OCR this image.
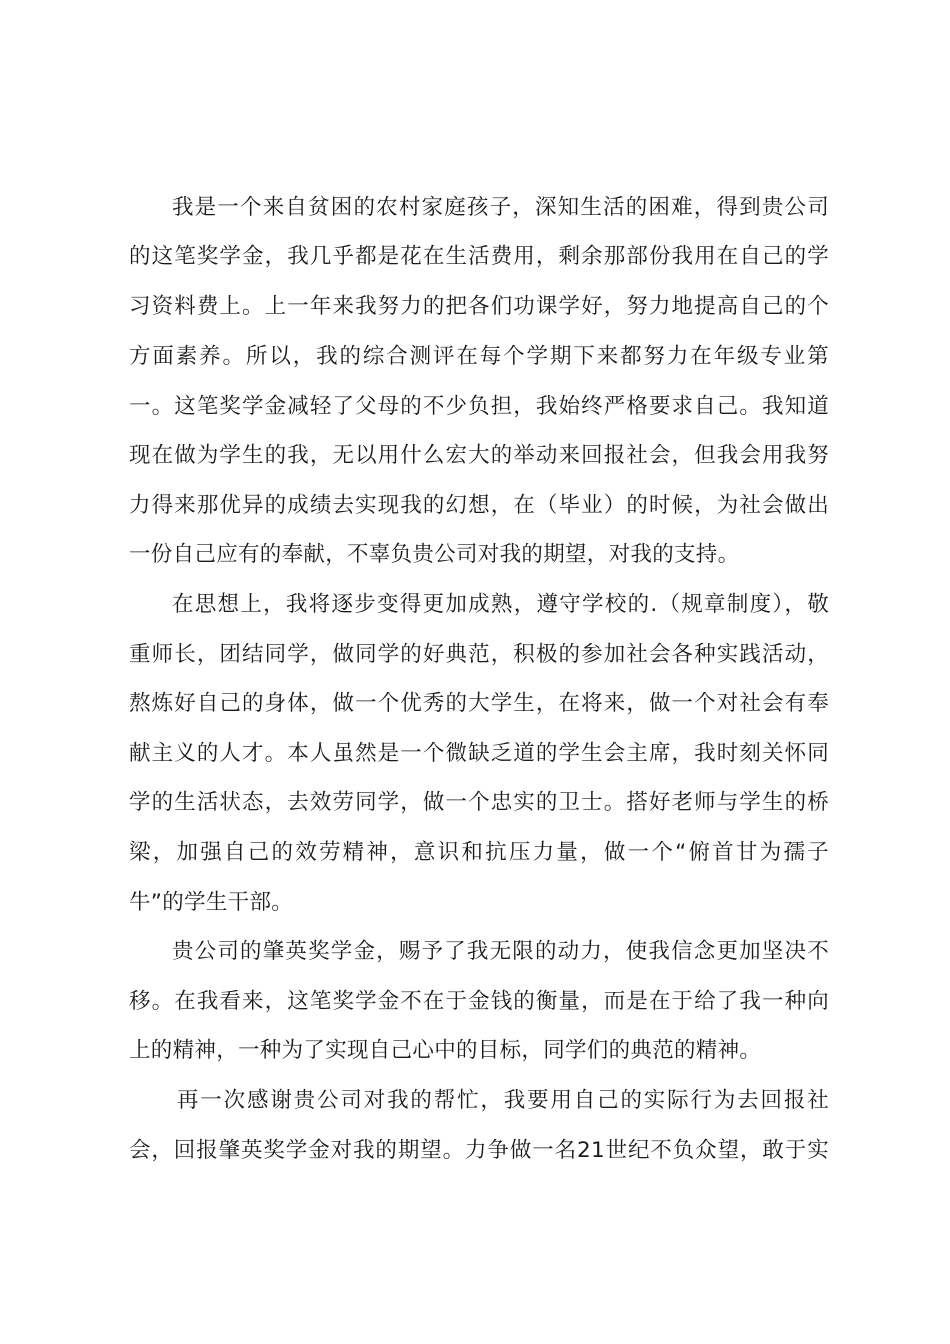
我是一个来自贫困的农村家庭孩子，深知生活的困难，得到贵公司
的这笔奖学金，我几乎都是花在生活费用，剩余那部份我用在自己的学
习资料费上。上一年来我努力的把各们功课学好，努力地提高自己的个
方面素养。所以，我的综合测评在每个学期下来都努力在年级专业第
一。这笔奖学金减轻了父母的不少负担，我始终严格要求自己。我知道
现在做为学生的我，无以用什么宏大的举动来回报社会，但我会用我努
力得来那优异的成绩去实现我的幻想，在（毕业）的时候，为社会做出
一份自己应有的奉献，不辜负贵公司对我的期望，对我的支持。
在思想上，我将逐步变得更加成熟，遵守学校的.（规章制度），敬
重师长，团结同学，做同学的好典范，积极的参加社会各种实践活动，
熬炼好自己的身体，做一个优秀的大学生，在将来，做一个对社会有奉
献主义的人才。本人虽然是一个微缺乏道的学生会主席，我时刻关怀同
学的生活状态，去效劳同学，做一个忠实的卫士。搭好老师与学生的桥
梁，加强自己的效劳精神，意识和抗压力量，做一个“俯首甘为孺子
牛”的学生干部。
贵公司的肇英奖学金，赐予了我无限的动力，使我信念更加坚决不
移。在我看来，这笔奖学金不在于金钱的衡量，而是在于给了我一种向
上的精神，一种为了实现自己心中的目标，同学们的典范的精神。
再一次感谢贵公司对我的帮忙，我要用自己的实际行为去回报社
会，回报肇英奖学金对我的期望。力争做一名21世纪不负众望，敢于实
